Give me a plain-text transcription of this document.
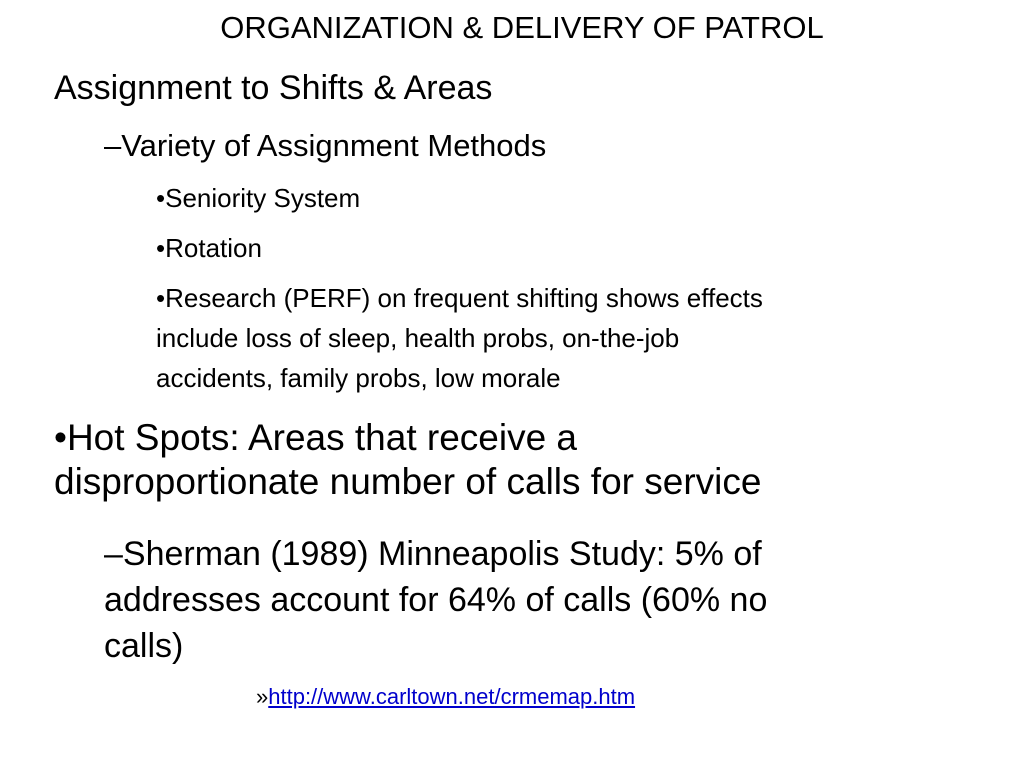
ORGANIZATION & DELIVERY OF PATROL
Assignment to Shifts & Areas
–Variety of Assignment Methods
•Seniority System
•Rotation
•Research (PERF) on frequent shifting shows effects
include loss of sleep, health probs, on-the-job
accidents, family probs, low morale
•Hot Spots: Areas that receive a
disproportionate number of calls for service
–Sherman (1989) Minneapolis Study: 5% of
addresses account for 64% of calls (60% no
calls)
»http://www.carltown.net/crmemap.htm
